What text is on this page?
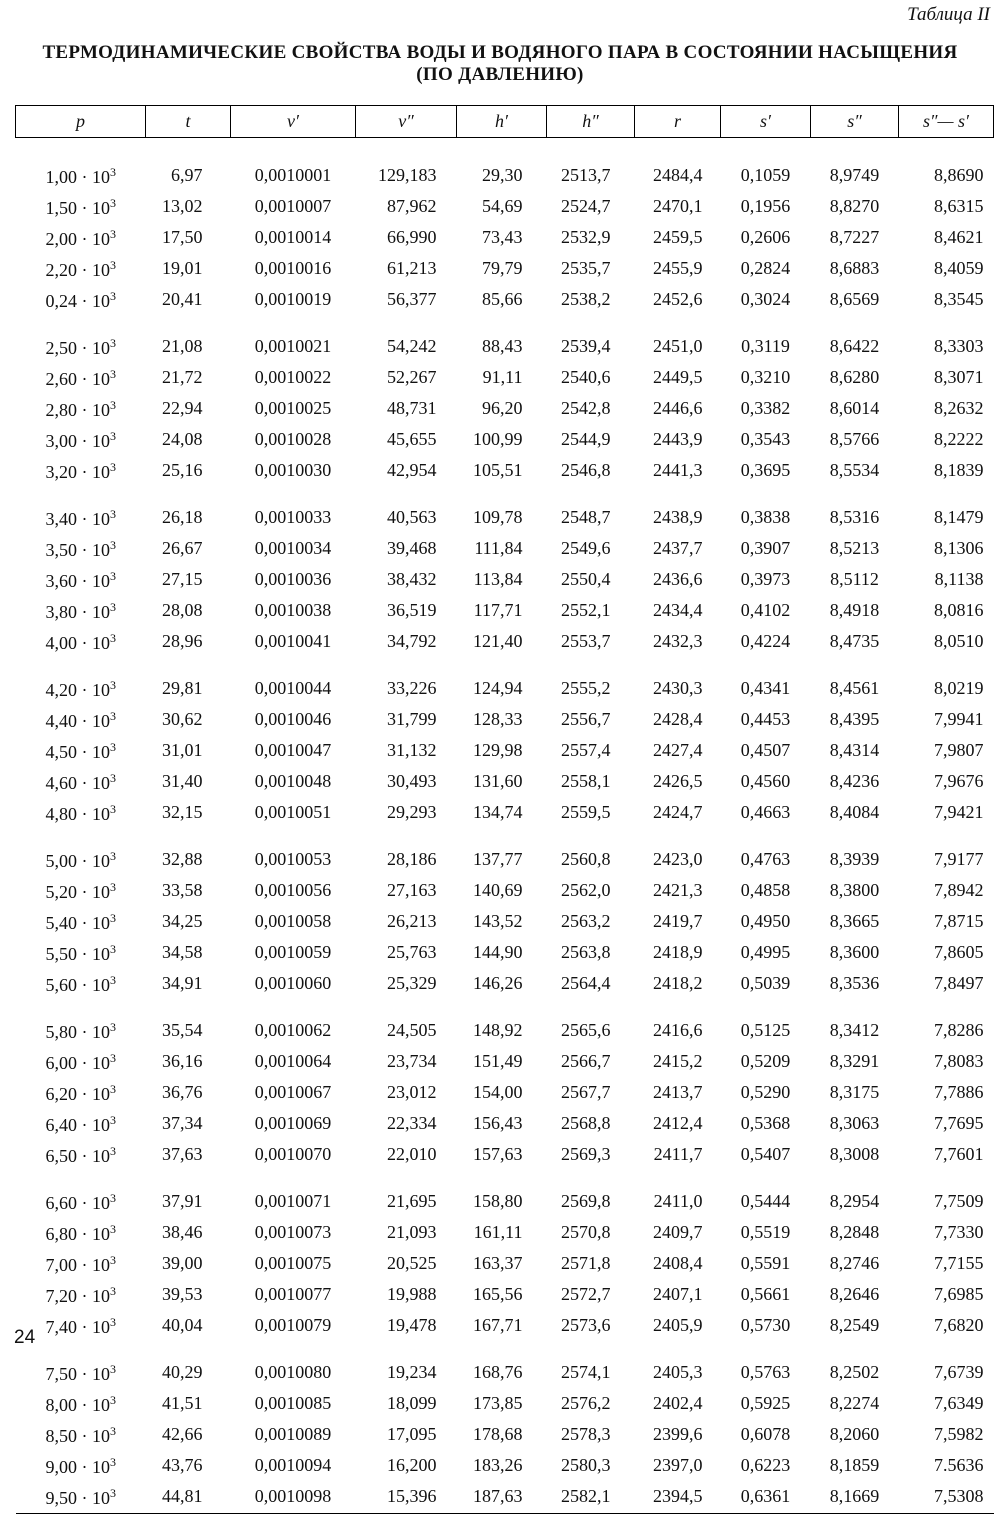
Таблица II
ТЕРМОДИНАМИЧЕСКИЕ СВОЙСТВА ВОДЫ И ВОДЯНОГО ПАРА В СОСТОЯНИИ НАСЫЩЕНИЯ
(ПО ДАВЛЕНИЮ)
p	t	v′	v″	h′	h″	r	s′	s″	s″— s′
$1,00 \cdot 10^3$	6,97	0,0010001	129,183	29,30	2513,7	2484,4	0,1059	8,9749	8,8690
$1,50 \cdot 10^3$	13,02	0,0010007	87,962	54,69	2524,7	2470,1	0,1956	8,8270	8,6315
$2,00 \cdot 10^3$	17,50	0,0010014	66,990	73,43	2532,9	2459,5	0,2606	8,7227	8,4621
$2,20 \cdot 10^3$	19,01	0,0010016	61,213	79,79	2535,7	2455,9	0,2824	8,6883	8,4059
$0,24 \cdot 10^3$	20,41	0,0010019	56,377	85,66	2538,2	2452,6	0,3024	8,6569	8,3545
$2,50 \cdot 10^3$	21,08	0,0010021	54,242	88,43	2539,4	2451,0	0,3119	8,6422	8,3303
$2,60 \cdot 10^3$	21,72	0,0010022	52,267	91,11	2540,6	2449,5	0,3210	8,6280	8,3071
$2,80 \cdot 10^3$	22,94	0,0010025	48,731	96,20	2542,8	2446,6	0,3382	8,6014	8,2632
$3,00 \cdot 10^3$	24,08	0,0010028	45,655	100,99	2544,9	2443,9	0,3543	8,5766	8,2222
$3,20 \cdot 10^3$	25,16	0,0010030	42,954	105,51	2546,8	2441,3	0,3695	8,5534	8,1839
$3,40 \cdot 10^3$	26,18	0,0010033	40,563	109,78	2548,7	2438,9	0,3838	8,5316	8,1479
$3,50 \cdot 10^3$	26,67	0,0010034	39,468	111,84	2549,6	2437,7	0,3907	8,5213	8,1306
$3,60 \cdot 10^3$	27,15	0,0010036	38,432	113,84	2550,4	2436,6	0,3973	8,5112	8,1138
$3,80 \cdot 10^3$	28,08	0,0010038	36,519	117,71	2552,1	2434,4	0,4102	8,4918	8,0816
$4,00 \cdot 10^3$	28,96	0,0010041	34,792	121,40	2553,7	2432,3	0,4224	8,4735	8,0510
$4,20 \cdot 10^3$	29,81	0,0010044	33,226	124,94	2555,2	2430,3	0,4341	8,4561	8,0219
$4,40 \cdot 10^3$	30,62	0,0010046	31,799	128,33	2556,7	2428,4	0,4453	8,4395	7,9941
$4,50 \cdot 10^3$	31,01	0,0010047	31,132	129,98	2557,4	2427,4	0,4507	8,4314	7,9807
$4,60 \cdot 10^3$	31,40	0,0010048	30,493	131,60	2558,1	2426,5	0,4560	8,4236	7,9676
$4,80 \cdot 10^3$	32,15	0,0010051	29,293	134,74	2559,5	2424,7	0,4663	8,4084	7,9421
$5,00 \cdot 10^3$	32,88	0,0010053	28,186	137,77	2560,8	2423,0	0,4763	8,3939	7,9177
$5,20 \cdot 10^3$	33,58	0,0010056	27,163	140,69	2562,0	2421,3	0,4858	8,3800	7,8942
$5,40 \cdot 10^3$	34,25	0,0010058	26,213	143,52	2563,2	2419,7	0,4950	8,3665	7,8715
$5,50 \cdot 10^3$	34,58	0,0010059	25,763	144,90	2563,8	2418,9	0,4995	8,3600	7,8605
$5,60 \cdot 10^3$	34,91	0,0010060	25,329	146,26	2564,4	2418,2	0,5039	8,3536	7,8497
$5,80 \cdot 10^3$	35,54	0,0010062	24,505	148,92	2565,6	2416,6	0,5125	8,3412	7,8286
$6,00 \cdot 10^3$	36,16	0,0010064	23,734	151,49	2566,7	2415,2	0,5209	8,3291	7,8083
$6,20 \cdot 10^3$	36,76	0,0010067	23,012	154,00	2567,7	2413,7	0,5290	8,3175	7,7886
$6,40 \cdot 10^3$	37,34	0,0010069	22,334	156,43	2568,8	2412,4	0,5368	8,3063	7,7695
$6,50 \cdot 10^3$	37,63	0,0010070	22,010	157,63	2569,3	2411,7	0,5407	8,3008	7,7601
$6,60 \cdot 10^3$	37,91	0,0010071	21,695	158,80	2569,8	2411,0	0,5444	8,2954	7,7509
$6,80 \cdot 10^3$	38,46	0,0010073	21,093	161,11	2570,8	2409,7	0,5519	8,2848	7,7330
$7,00 \cdot 10^3$	39,00	0,0010075	20,525	163,37	2571,8	2408,4	0,5591	8,2746	7,7155
$7,20 \cdot 10^3$	39,53	0,0010077	19,988	165,56	2572,7	2407,1	0,5661	8,2646	7,6985
$7,40 \cdot 10^3$	40,04	0,0010079	19,478	167,71	2573,6	2405,9	0,5730	8,2549	7,6820
$7,50 \cdot 10^3$	40,29	0,0010080	19,234	168,76	2574,1	2405,3	0,5763	8,2502	7,6739
$8,00 \cdot 10^3$	41,51	0,0010085	18,099	173,85	2576,2	2402,4	0,5925	8,2274	7,6349
$8,50 \cdot 10^3$	42,66	0,0010089	17,095	178,68	2578,3	2399,6	0,6078	8,2060	7,5982
$9,00 \cdot 10^3$	43,76	0,0010094	16,200	183,26	2580,3	2397,0	0,6223	8,1859	7.5636
$9,50 \cdot 10^3$	44,81	0,0010098	15,396	187,63	2582,1	2394,5	0,6361	8,1669	7,5308
24
